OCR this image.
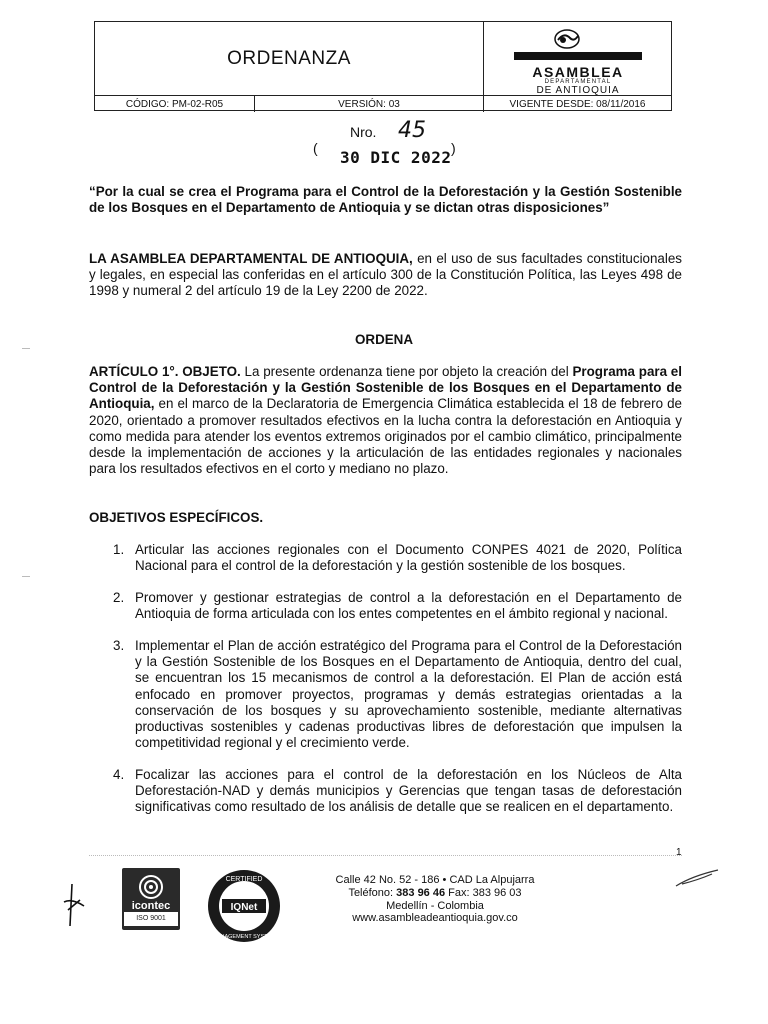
ORDENANZA
ASAMBLEA
DEPARTAMENTAL
DE ANTIOQUIA
CÓDIGO: PM-02-R05	VERSIÓN: 03	VIGENTE DESDE: 08/11/2016
Nro. 45
( 30 DIC 2022 )

“Por la cual se crea el Programa para el Control de la Deforestación y la Gestión Sostenible de los Bosques en el Departamento de Antioquia y se dictan otras disposiciones”

LA ASAMBLEA DEPARTAMENTAL DE ANTIOQUIA, en el uso de sus facultades constitucionales y legales, en especial las conferidas en el artículo 300 de la Constitución Política, las Leyes 498 de 1998 y numeral 2 del artículo 19 de la Ley 2200 de 2022.

ORDENA

ARTÍCULO 1°. OBJETO. La presente ordenanza tiene por objeto la creación del Programa para el Control de la Deforestación y la Gestión Sostenible de los Bosques en el Departamento de Antioquia, en el marco de la Declaratoria de Emergencia Climática establecida el 18 de febrero de 2020, orientado a promover resultados efectivos en la lucha contra la deforestación en Antioquia y como medida para atender los eventos extremos originados por el cambio climático, principalmente desde la implementación de acciones y la articulación de las entidades regionales y nacionales para los resultados efectivos en el corto y mediano no plazo.

OBJETIVOS ESPECÍFICOS.
1. Articular las acciones regionales con el Documento CONPES 4021 de 2020, Política Nacional para el control de la deforestación y la gestión sostenible de los bosques.
2. Promover y gestionar estrategias de control a la deforestación en el Departamento de Antioquia de forma articulada con los entes competentes en el ámbito regional y nacional.
3. Implementar el Plan de acción estratégico del Programa para el Control de la Deforestación y la Gestión Sostenible de los Bosques en el Departamento de Antioquia, dentro del cual, se encuentran los 15 mecanismos de control a la deforestación. El Plan de acción está enfocado en promover proyectos, programas y demás estrategias orientadas a la conservación de los bosques y su aprovechamiento sostenible, mediante alternativas productivas sostenibles y cadenas productivas libres de deforestación que impulsen la competitividad regional y el crecimiento verde.
4. Focalizar las acciones para el control de la deforestación en los Núcleos de Alta Deforestación-NAD y demás municipios y Gerencias que tengan tasas de deforestación significativas como resultado de los análisis de detalle que se realicen en el departamento.
1
icontec
ISO 9001
CERTIFIED
MANAGEMENT SYSTEM
IQNet
Calle 42 No. 52 - 186 • CAD La Alpujarra
Teléfono: 383 96 46 Fax: 383 96 03
Medellín - Colombia
www.asambleadeantioquia.gov.co
